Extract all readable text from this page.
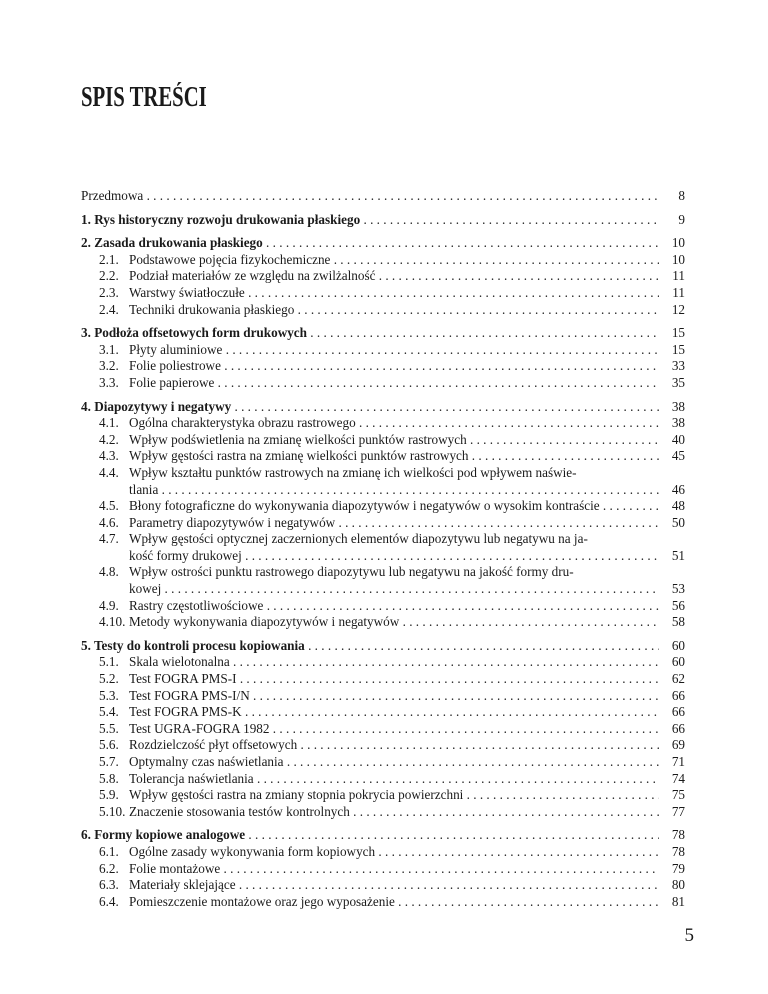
SPIS TREŚCI
Przedmowa . . .	8
1. Rys historyczny rozwoju drukowania płaskiego . . .	9
2. Zasada drukowania płaskiego . . .	10
2.1. Podstawowe pojęcia fizykochemiczne . . .	10
2.2. Podział materiałów ze względu na zwilżalność . . .	11
2.3. Warstwy światłoczułe . . .	11
2.4. Techniki drukowania płaskiego . . .	12
3. Podłoża offsetowych form drukowych . . .	15
3.1. Płyty aluminiowe . . .	15
3.2. Folie poliestrowe . . .	33
3.3. Folie papierowe . . .	35
4. Diapozytywy i negatywy . . .	38
4.1. Ogólna charakterystyka obrazu rastrowego . . .	38
4.2. Wpływ podświetlenia na zmianę wielkości punktów rastrowych . . .	40
4.3. Wpływ gęstości rastra na zmianę wielkości punktów rastrowych . . .	45
4.4. Wpływ kształtu punktów rastrowych na zmianę ich wielkości pod wpływem naświe-
tlania . . .	46
4.5. Błony fotograficzne do wykonywania diapozytywów i negatywów o wysokim kontraście . . .	48
4.6. Parametry diapozytywów i negatywów . . .	50
4.7. Wpływ gęstości optycznej zaczernionych elementów diapozytywu lub negatywu na ja-
kość formy drukowej . . .	51
4.8. Wpływ ostrości punktu rastrowego diapozytywu lub negatywu na jakość formy dru-
kowej . . .	53
4.9. Rastry częstotliwościowe . . .	56
4.10. Metody wykonywania diapozytywów i negatywów . . .	58
5. Testy do kontroli procesu kopiowania . . .	60
5.1. Skala wielotonalna . . .	60
5.2. Test FOGRA PMS-I . . .	62
5.3. Test FOGRA PMS-I/N . . .	66
5.4. Test FOGRA PMS-K . . .	66
5.5. Test UGRA-FOGRA 1982 . . .	66
5.6. Rozdzielczość płyt offsetowych . . .	69
5.7. Optymalny czas naświetlania . . .	71
5.8. Tolerancja naświetlania . . .	74
5.9. Wpływ gęstości rastra na zmiany stopnia pokrycia powierzchni . . .	75
5.10. Znaczenie stosowania testów kontrolnych . . .	77
6. Formy kopiowe analogowe . . .	78
6.1. Ogólne zasady wykonywania form kopiowych . . .	78
6.2. Folie montażowe . . .	79
6.3. Materiały sklejające . . .	80
6.4. Pomieszczenie montażowe oraz jego wyposażenie . . .	81
5
